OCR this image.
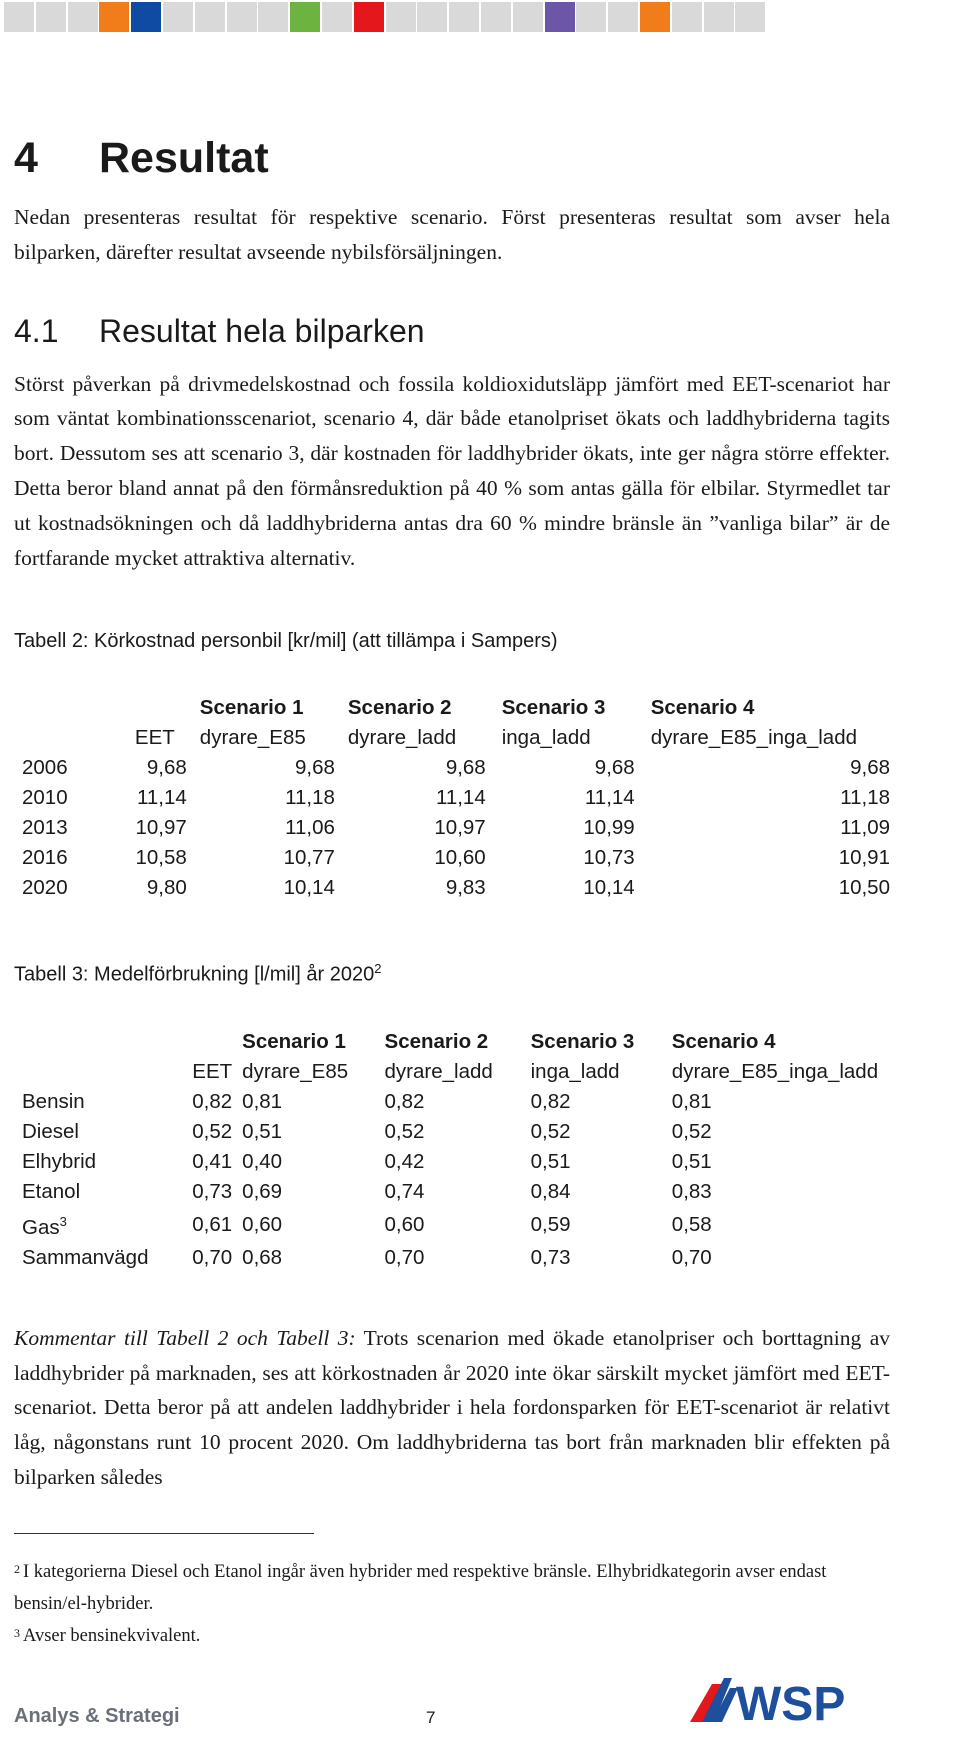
4 Resultat

Nedan presenteras resultat för respektive scenario. Först presenteras resultat som avser hela bilparken, därefter resultat avseende nybilsförsäljningen.

4.1 Resultat hela bilparken

Störst påverkan på drivmedelskostnad och fossila koldioxidutsläpp jämfört med EET-scenariot har som väntat kombinationsscenariot, scenario 4, där både etanolpriset ökats och laddhybriderna tagits bort. Dessutom ses att scenario 3, där kostnaden för laddhybrider ökats, inte ger några större effekter. Detta beror bland annat på den förmånsreduktion på 40 % som antas gälla för elbilar. Styrmedlet tar ut kostnadsökningen och då laddhybriderna antas dra 60 % mindre bränsle än ”vanliga bilar” är de fortfarande mycket attraktiva alternativ.

Tabell 2: Körkostnad personbil [kr/mil] (att tillämpa i Sampers)
		Scenario 1	Scenario 2	Scenario 3	Scenario 4
	EET	dyrare_E85	dyrare_ladd	inga_ladd	dyrare_E85_inga_ladd
2006	9,68	9,68	9,68	9,68	9,68
2010	11,14	11,18	11,14	11,14	11,18
2013	10,97	11,06	10,97	10,99	11,09
2016	10,58	10,77	10,60	10,73	10,91
2020	9,80	10,14	9,83	10,14	10,50
Tabell 3: Medelförbrukning [l/mil] år 2020$^2$
		Scenario 1	Scenario 2	Scenario 3	Scenario 4
	EET	dyrare_E85	dyrare_ladd	inga_ladd	dyrare_E85_inga_ladd
Bensin	0,82	0,81	0,82	0,82	0,81
Diesel	0,52	0,51	0,52	0,52	0,52
Elhybrid	0,41	0,40	0,42	0,51	0,51
Etanol	0,73	0,69	0,74	0,84	0,83
Gas$^3$	0,61	0,60	0,60	0,59	0,58
Sammanvägd	0,70	0,68	0,70	0,73	0,70

Kommentar till Tabell 2 och Tabell 3: Trots scenarion med ökade etanolpriser och borttagning av laddhybrider på marknaden, ses att körkostnaden år 2020 inte ökar särskilt mycket jämfört med EET-scenariot. Detta beror på att andelen laddhybrider i hela fordonsparken för EET-scenariot är relativt låg, någonstans runt 10 procent 2020. Om laddhybriderna tas bort från marknaden blir effekten på bilparken således

$^2$ I kategorierna Diesel och Etanol ingår även hybrider med respektive bränsle. Elhybridkategorin avser endast bensin/el-hybrider.

$^3$ Avser bensinekvivalent.

Analys & Strategi	7	WSP
